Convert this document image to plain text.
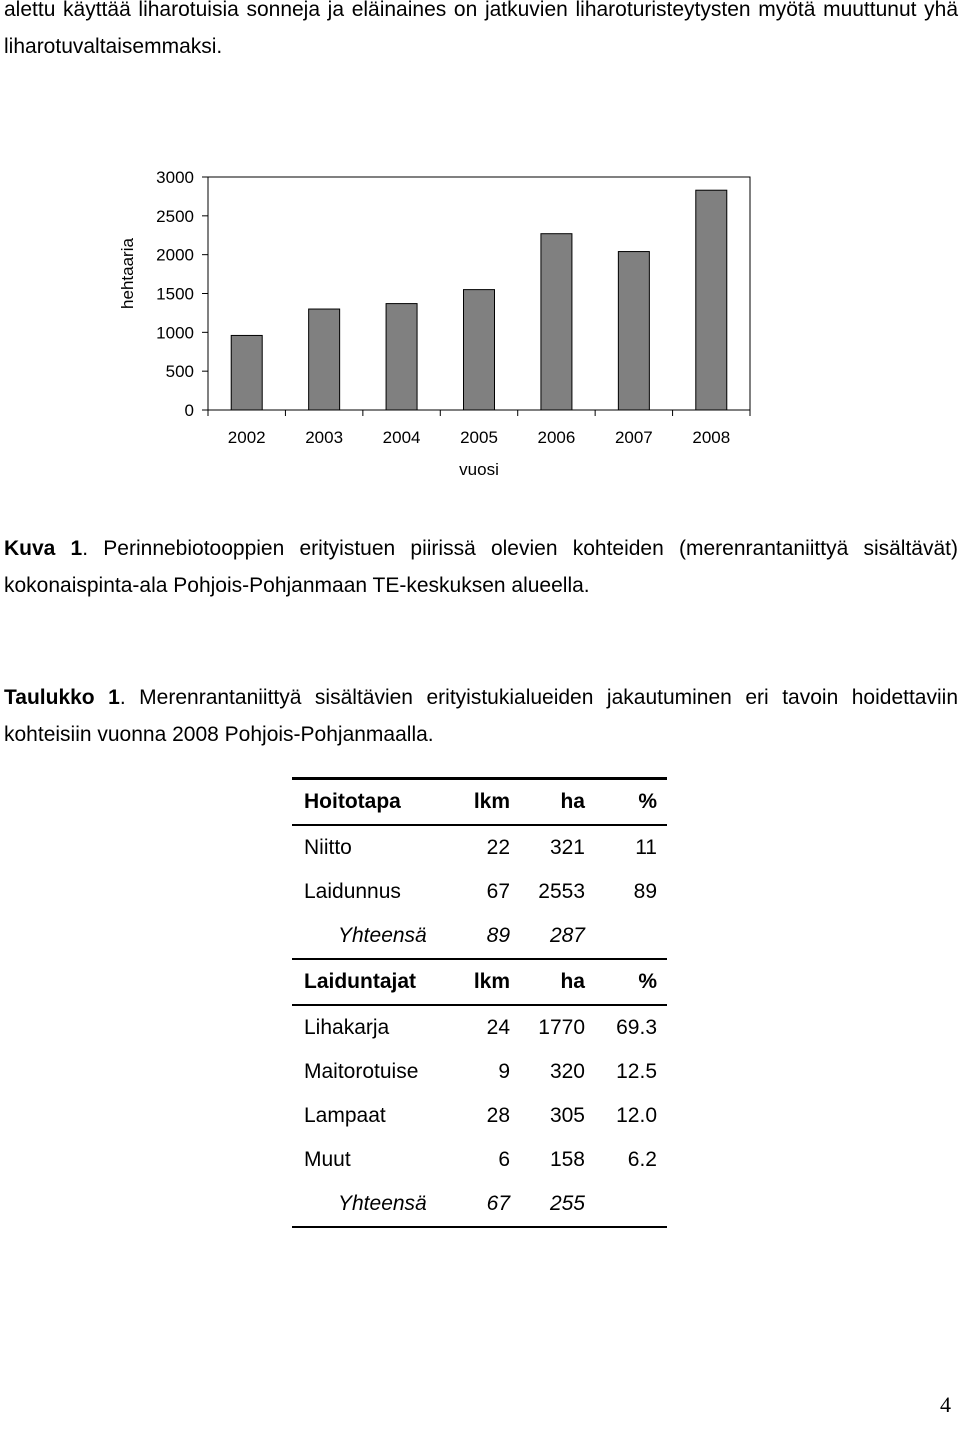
alettu käyttää liharotuisia sonneja ja eläinaines on jatkuvien liharoturisteytysten myötä muuttunut yhä liharotuvaltaisemmaksi.

0
500
1000
1500
2000
2500
3000
2002 2003 2004 2005 2006 2007 2008
vuosi
hehtaaria

Kuva 1. Perinnebiotooppien erityistuen piirissä olevien kohteiden (merenrantaniittyä sisältävät) kokonaispinta-ala Pohjois-Pohjanmaan TE-keskuksen alueella.

Taulukko 1. Merenrantaniittyä sisältävien erityistukialueiden jakautuminen eri tavoin hoidettaviin kohteisiin vuonna 2008 Pohjois-Pohjanmaalla.

Hoitotapa	lkm ha	%
Niitto	22 321 11
Laidunnus	67 2553 89
Yhteensä	89 287
Laiduntajat	lkm ha	%
Lihakarja	24 1770 69.3
Maitorotuise	9 320 12.5
Lampaat	28 305 12.0
Muut	6 158 6.2
Yhteensä	67 255
4
